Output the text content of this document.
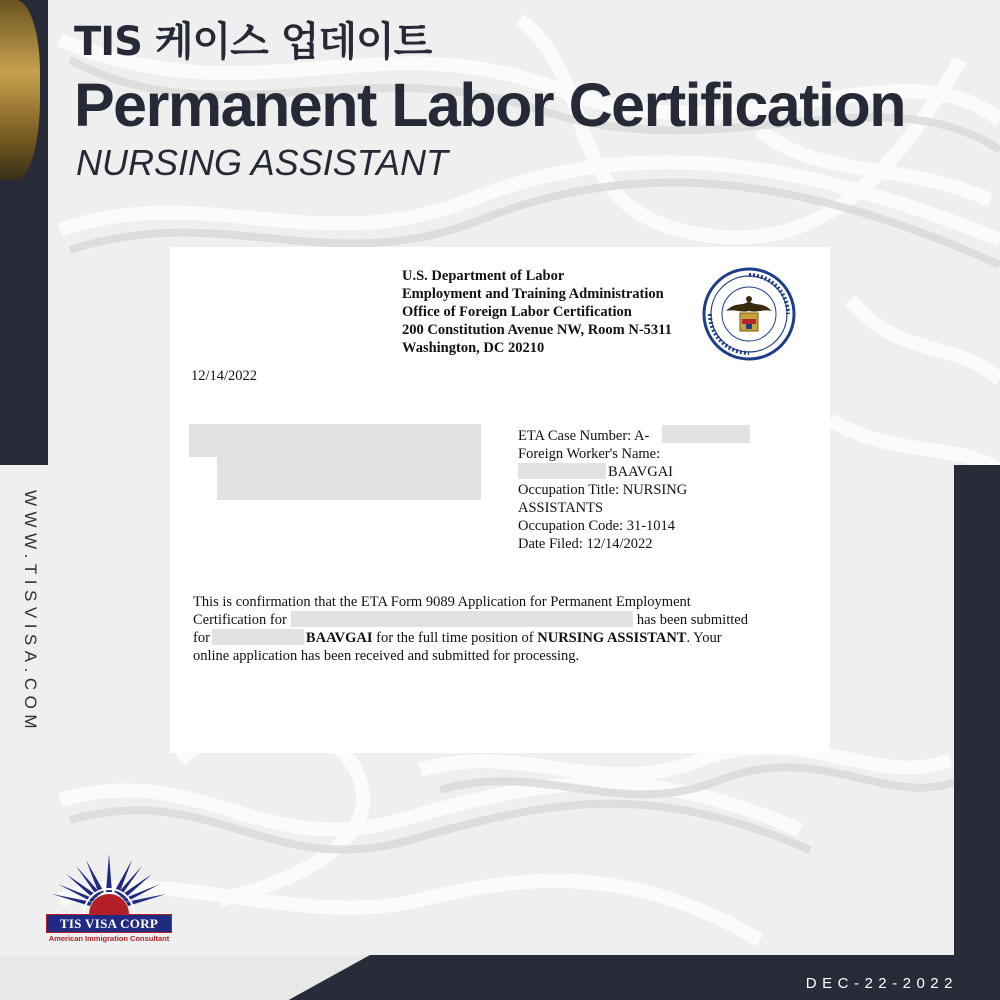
TIS 케이스 업데이트
Permanent Labor Certification
NURSING ASSISTANT
WWW.TISVISA.COM
DEC-22-2022
U.S. Department of Labor
Employment and Training Administration
Office of Foreign Labor Certification
200 Constitution Avenue NW, Room N-5311
Washington, DC 20210
12/14/2022
ETA Case Number: A-
Foreign Worker's Name:
BAAVGAI
Occupation Title: NURSING
ASSISTANTS
Occupation Code: 31-1014
Date Filed: 12/14/2022
This is confirmation that the ETA Form 9089 Application for Permanent Employment
Certification for	has been submitted
for	BAAVGAI for the full time position of NURSING ASSISTANT. Your
online application has been received and submitted for processing.
TIS VISA CORP
American Immigration Consultant
